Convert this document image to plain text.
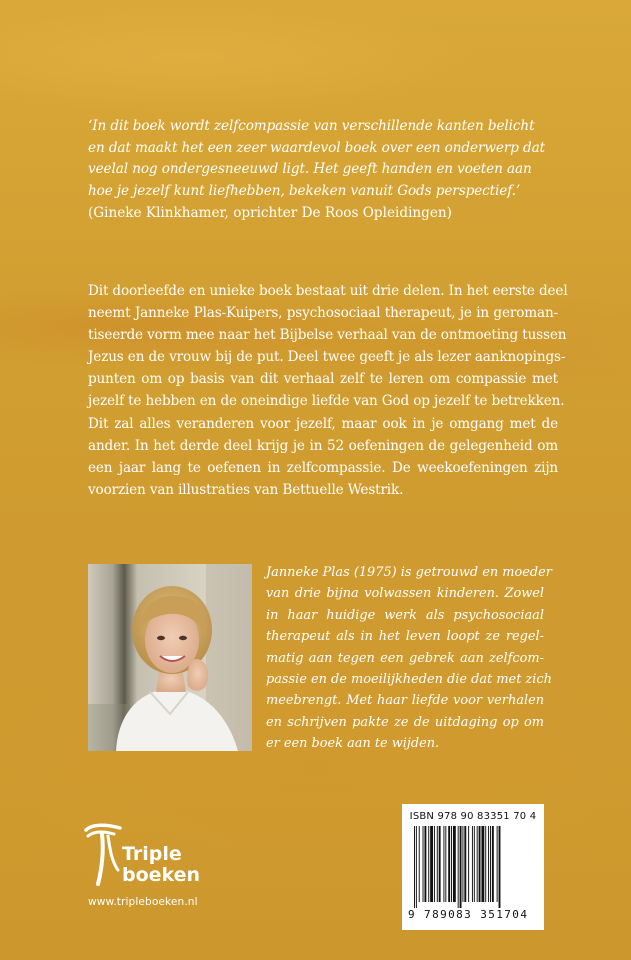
‘In dit boek wordt zelfcompassie van verschillende kanten belicht
en dat maakt het een zeer waardevol boek over een onderwerp dat
veelal nog ondergesneeuwd ligt. Het geeft handen en voeten aan
hoe je jezelf kunt liefhebben, bekeken vanuit Gods perspectief.’
(Gineke Klinkhamer, oprichter De Roos Opleidingen)
Dit doorleefde en unieke boek bestaat uit drie delen. In het eerste deel
neemt Janneke Plas-Kuipers, psychosociaal therapeut, je in geroman-
tiseerde vorm mee naar het Bijbelse verhaal van de ontmoeting tussen
Jezus en de vrouw bij de put. Deel twee geeft je als lezer aanknopings-
punten om op basis van dit verhaal zelf te leren om compassie met
jezelf te hebben en de oneindige liefde van God op jezelf te betrekken.
Dit zal alles veranderen voor jezelf, maar ook in je omgang met de
ander. In het derde deel krijg je in 52 oefeningen de gelegenheid om
een jaar lang te oefenen in zelfcompassie. De weekoefeningen zijn
voorzien van illustraties van Bettuelle Westrik.
Janneke Plas (1975) is getrouwd en moeder
van drie bijna volwassen kinderen. Zowel
in haar huidige werk als psychosociaal
therapeut als in het leven loopt ze regel-
matig aan tegen een gebrek aan zelfcom-
passie en de moeilijkheden die dat met zich
meebrengt. Met haar liefde voor verhalen
en schrijven pakte ze de uitdaging op om
er een boek aan te wijden.
Triple
boeken
www.tripleboeken.nl
ISBN 978 90 83351 70 4
9 789083 351704
